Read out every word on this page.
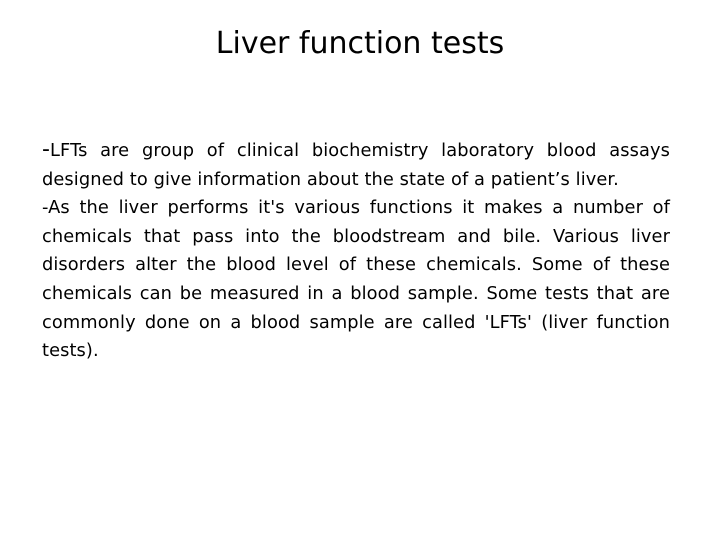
Liver function tests

-LFTs are group of clinical biochemistry laboratory blood assays designed to give information about the state of a patient’s liver.

-As the liver performs it's various functions it makes a number of chemicals that pass into the bloodstream and bile. Various liver disorders alter the blood level of these chemicals. Some of these chemicals can be measured in a blood sample. Some tests that are commonly done on a blood sample are called 'LFTs' (liver function tests).
